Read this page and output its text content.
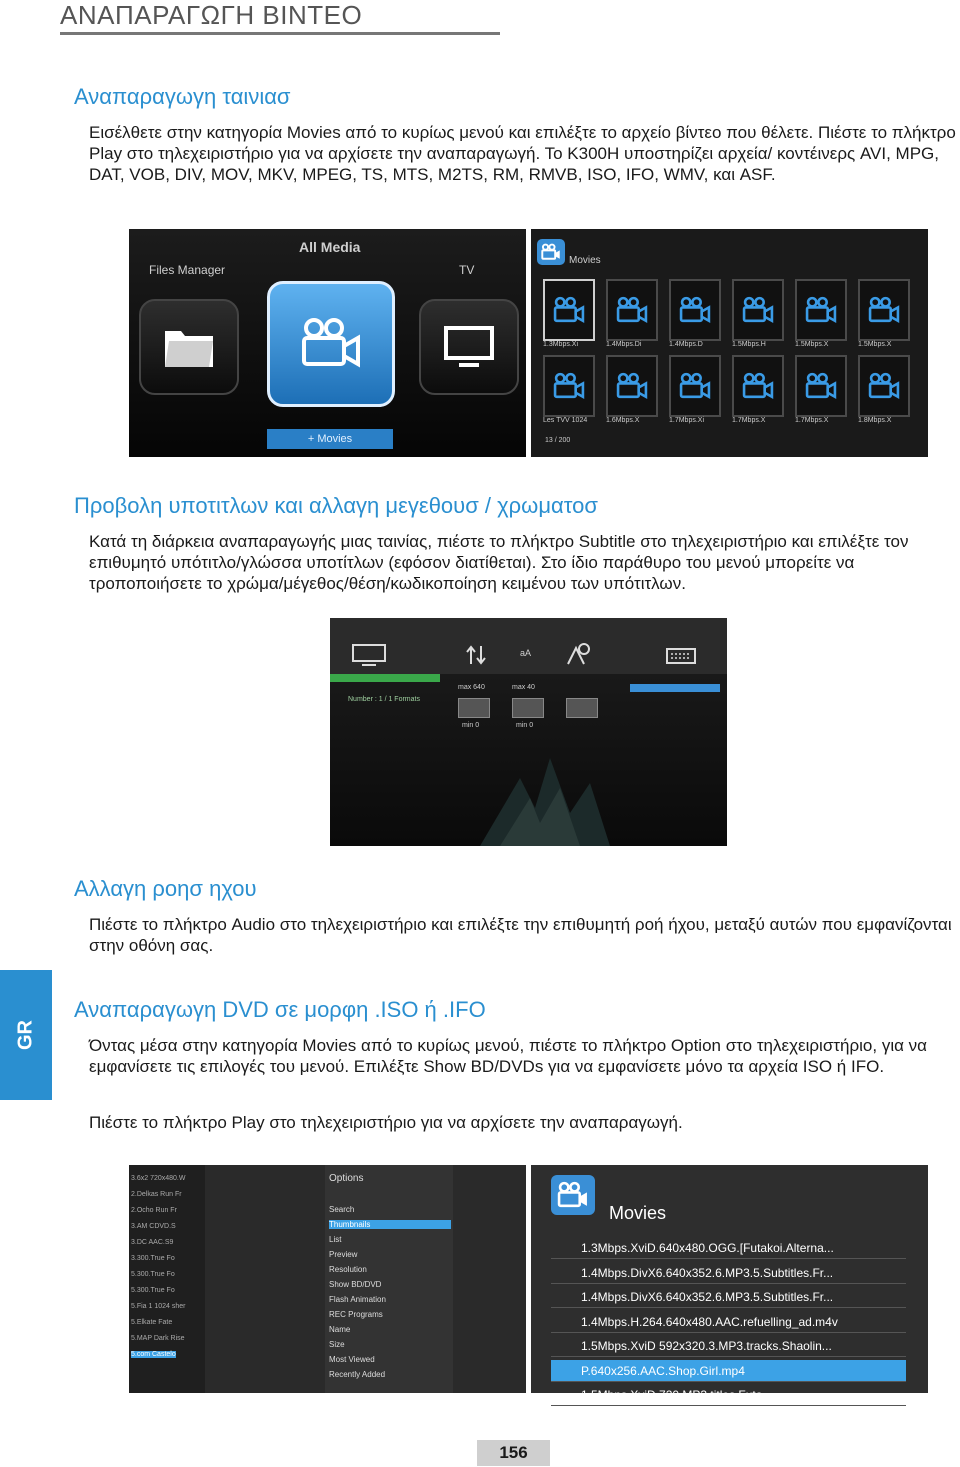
ΑΝΑΠΑΡΑΓΩΓΗ ΒΙΝΤΕΟ
Αναπαραγωγη ταινιασ

Εισέλθετε στην κατηγορία Movies από το κυρίως μενού και επιλέξτε το αρχείο βίντεο που θέλετε. Πιέστε το πλήκτρο Play στο τηλεχειριστήριο για να αρχίσετε την αναπαραγωγή. Το K300H υποστηρίζει αρχεία/ κοντέινερς AVI, MPG, DAT, VOB, DIV, MOV, MKV, MPEG, TS, MTS, M2TS, RM, RMVB, ISO, IFO, WMV, και ASF.

All Media
Files Manager	TV
+ Movies
Movies
1.3Mbps.Xi	1.4Mbps.Di	1.4Mbps.D	1.5Mbps.H	1.5Mbps.X	1.5Mbps.X
Les TVV 1024	1.6Mbps.X	1.7Mbps.Xi	1.7Mbps.X	1.7Mbps.X	1.8Mbps.X
13 / 200
Προβολη υποτιτλων και αλλαγη μεγεθουσ / χρωματοσ

Κατά τη διάρκεια αναπαραγωγής μιας ταινίας, πιέστε το πλήκτρο Subtitle στο τηλεχειριστήριο και επιλέξτε τον επιθυμητό υπότιτλο/γλώσσα υποτίτλων (εφόσον διατίθεται). Στο ίδιο παράθυρο του μενού μπορείτε να τροποποιήσετε το χρώμα/μέγεθος/θέση/κωδικοποίηση κειμένου των υπότιτλων.

aA
Number : 1 / 1 Formats
max 640
min 0
max 40
min 0
Αλλαγη ροησ ηχου

Πιέστε το πλήκτρο Audio στο τηλεχειριστήριο και επιλέξτε την επιθυμητή ροή ήχου, μεταξύ αυτών που εμφανίζονται στην οθόνη σας.

GR
Αναπαραγωγη DVD σε μορφη .ISO ή .IFO

Όντας μέσα στην κατηγορία Movies από το κυρίως μενού, πιέστε το πλήκτρο Option στο τηλεχειριστήριο, για να εμφανίσετε τις επιλογές του μενού. Επιλέξτε Show BD/DVDs για να εμφανίσετε μόνο τα αρχεία ISO ή IFO.

Πιέστε το πλήκτρο Play στο τηλεχειριστήριο για να αρχίσετε την αναπαραγωγή.

3.6x2 720x480.W
2.Delkas Run Fr
2.Ocho Run Fr
3.AM CDVD.S
3.DC AAC.S9
3.300.True Fo
5.300.True Fo
5.300.True Fo
5.Fia 1 1024 sher
5.Elkate Fate
5.MAP Dark Rise
5.com Castelo
Options
Search
Thumbnails
List
Preview
Resolution
Show BD/DVD
Flash Animation
REC Programs
Name
Size
Most Viewed
Recently Added
Movies
1.3Mbps.XviD.640x480.OGG.[Futakoi.Alterna...
1.4Mbps.DivX6.640x352.6.MP3.5.Subtitles.Fr...
1.4Mbps.DivX6.640x352.6.MP3.5.Subtitles.Fr...
1.4Mbps.H.264.640x480.AAC.refuelling_ad.m4v
1.5Mbps.XviD 592x320.3.MP3.tracks.Shaolin...
P.640x256.AAC.Shop.Girl.mp4
1.5Mbps.XviD.720.MP3.titles.Futa...
156
